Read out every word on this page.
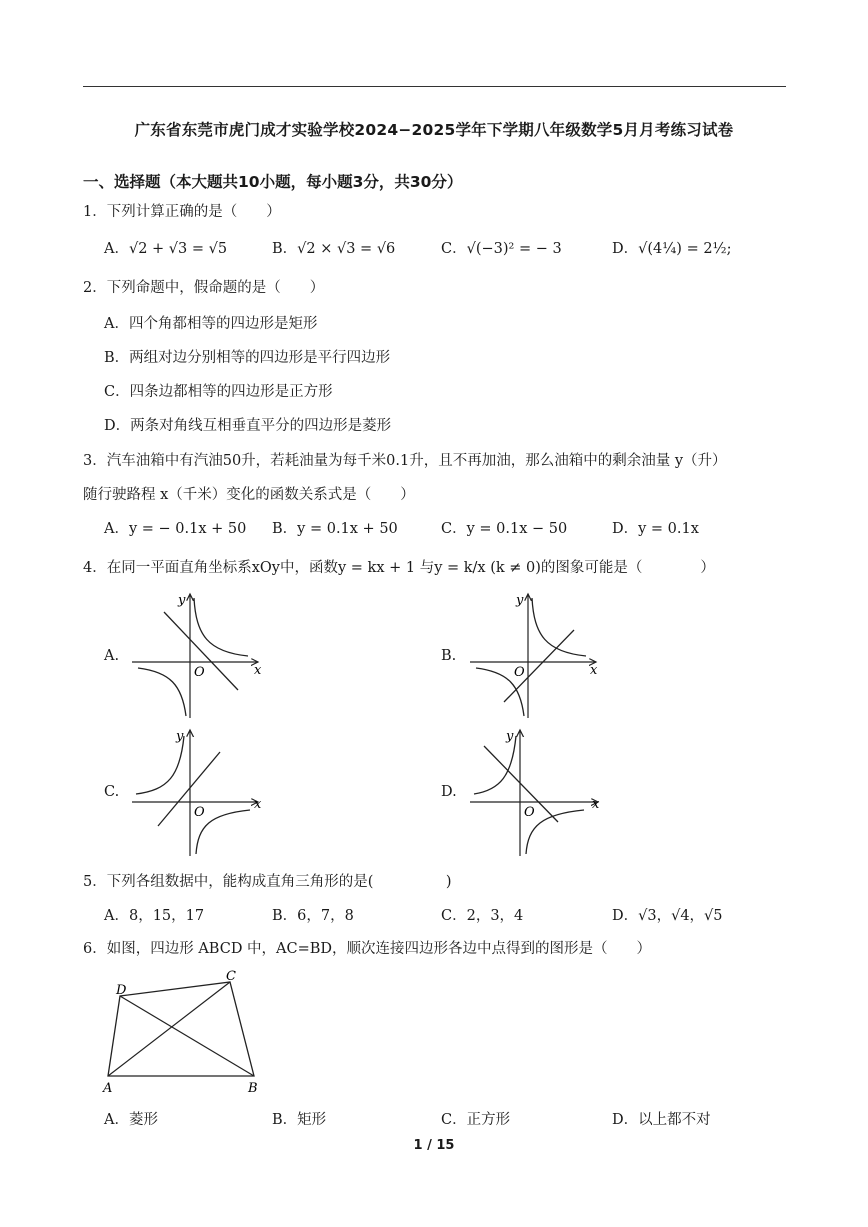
广东省东莞市虎门成才实验学校2024−2025学年下学期八年级数学5月月考练习试卷
一、选择题（本大题共10小题，每小题3分，共30分）
1．下列计算正确的是（　　）
A．√2 + √3 = √5	B．√2 × √3 = √6	C．√(−3)² = − 3	D．√(4¼) = 2½;
2．下列命题中，假命题的是（　　）
A．四个角都相等的四边形是矩形
B．两组对边分别相等的四边形是平行四边形
C．四条边都相等的四边形是正方形
D．两条对角线互相垂直平分的四边形是菱形
3．汽车油箱中有汽油50升，若耗油量为每千米0.1升，且不再加油，那么油箱中的剩余油量 y（升）
随行驶路程 x（千米）变化的函数关系式是（　　）
A．y = − 0.1x + 50 B．y = 0.1x + 50	C．y = 0.1x − 50	D．y = 0.1x
4．在同一平面直角坐标系xOy中，函数y = kx + 1 与y = k/x (k ≠ 0)的图象可能是（　　　　）
A.
y
x
O
B.
y
x
O
C.
y
x
O
D.
y
x
O
5．下列各组数据中，能构成直角三角形的是(　　　　　)
A．8，15，17	B．6，7，8	C．2，3，4	D．√3，√4，√5
6．如图，四边形 ABCD 中，AC=BD，顺次连接四边形各边中点得到的图形是（　　）
A	B
C
D
A．菱形	B．矩形	C．正方形	D．以上都不对
1 / 15
